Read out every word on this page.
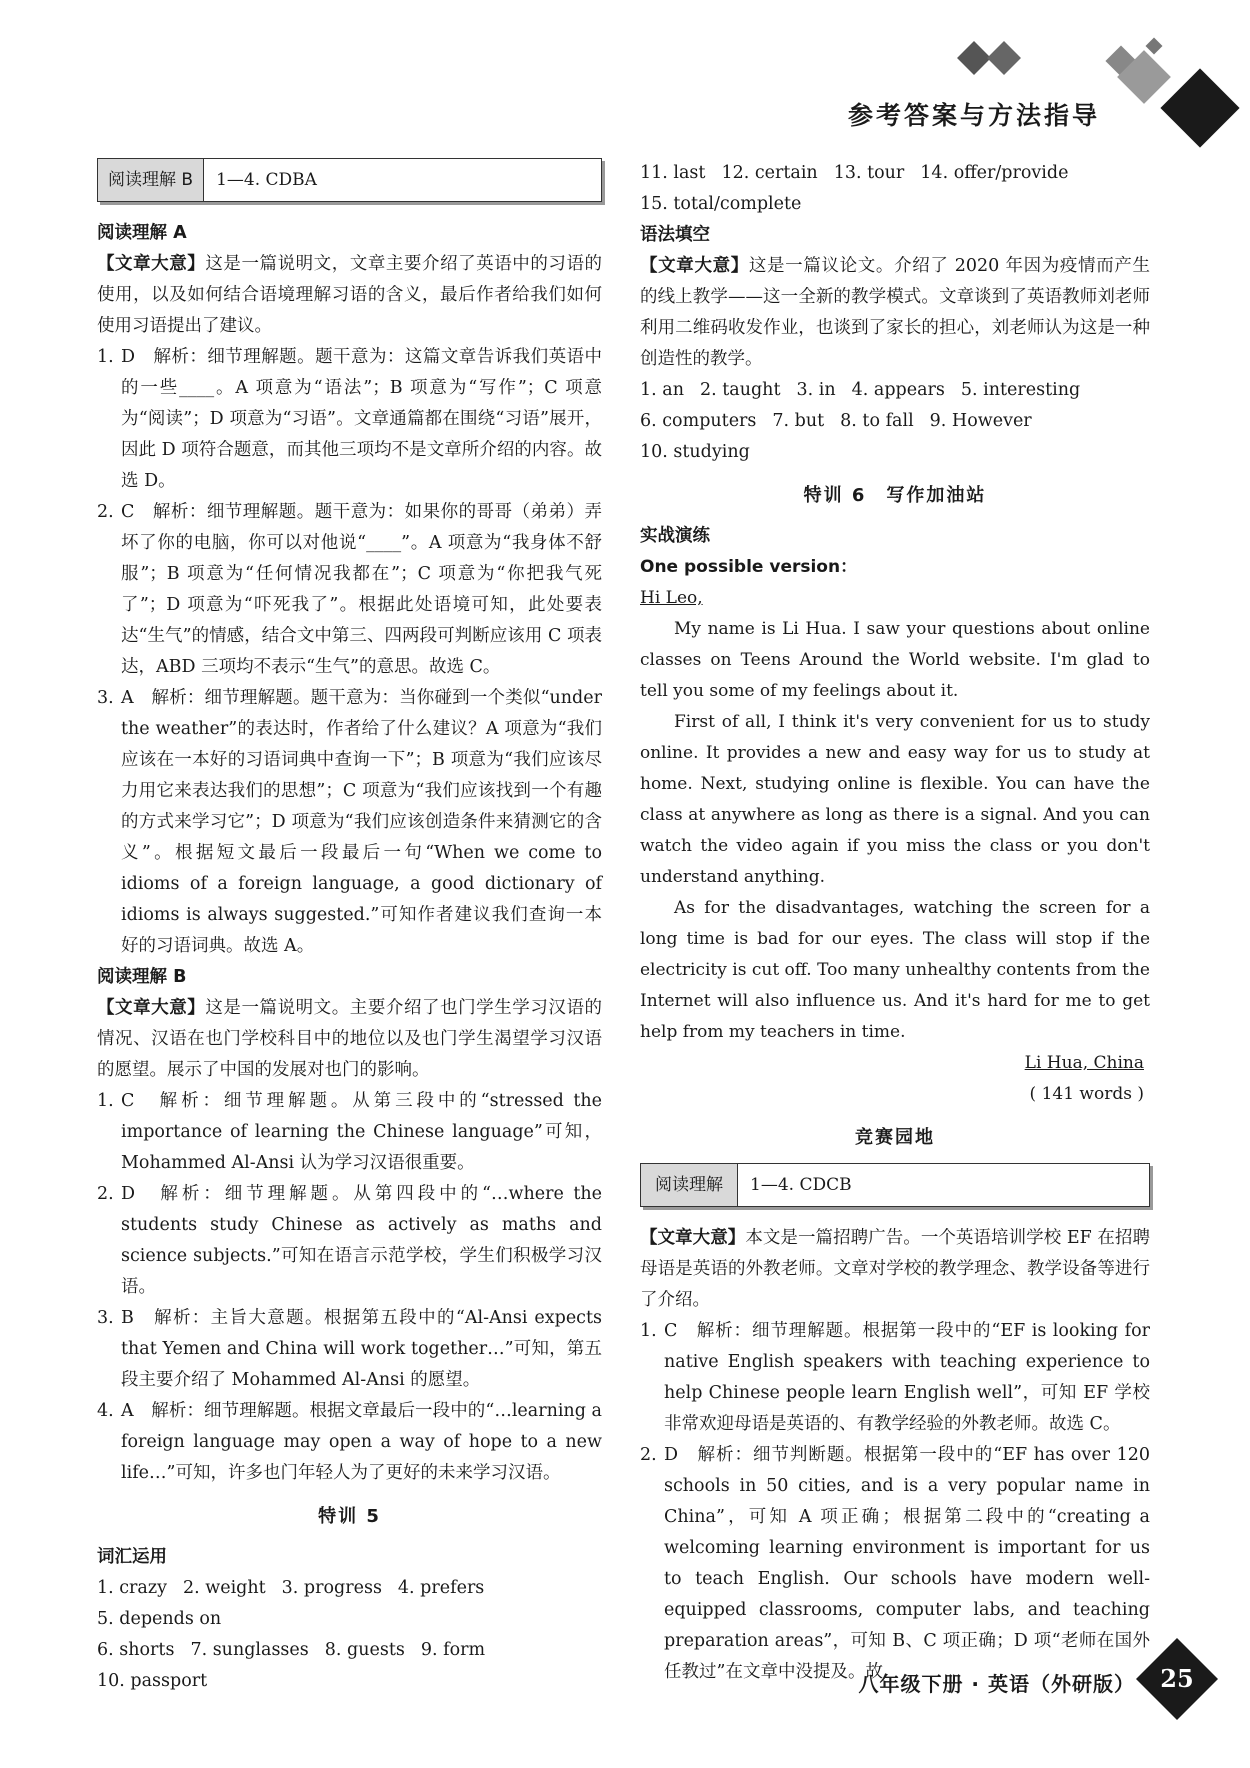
参考答案与方法指导
阅读理解 B	1—4. CDBA
阅读理解 A

【文章大意】这是一篇说明文，文章主要介绍了英语中的习语的使用，以及如何结合语境理解习语的含义，最后作者给我们如何使用习语提出了建议。

1. D　解析：细节理解题。题干意为：这篇文章告诉我们英语中的一些____。A 项意为“语法”；B 项意为“写作”；C 项意为“阅读”；D 项意为“习语”。文章通篇都在围绕“习语”展开，因此 D 项符合题意，而其他三项均不是文章所介绍的内容。故选 D。
2. C　解析：细节理解题。题干意为：如果你的哥哥（弟弟）弄坏了你的电脑，你可以对他说“____”。A 项意为“我身体不舒服”；B 项意为“任何情况我都在”；C 项意为“你把我气死了”；D 项意为“吓死我了”。根据此处语境可知，此处要表达“生气”的情感，结合文中第三、四两段可判断应该用 C 项表达，ABD 三项均不表示“生气”的意思。故选 C。
3. A　解析：细节理解题。题干意为：当你碰到一个类似“under the weather”的表达时，作者给了什么建议？A 项意为“我们应该在一本好的习语词典中查询一下”；B 项意为“我们应该尽力用它来表达我们的思想”；C 项意为“我们应该找到一个有趣的方式来学习它”；D 项意为“我们应该创造条件来猜测它的含义”。根据短文最后一段最后一句“When we come to idioms of a foreign language, a good dictionary of idioms is always suggested.”可知作者建议我们查询一本好的习语词典。故选 A。
阅读理解 B

【文章大意】这是一篇说明文。主要介绍了也门学生学习汉语的情况、汉语在也门学校科目中的地位以及也门学生渴望学习汉语的愿望。展示了中国的发展对也门的影响。

1. C　解析：细节理解题。从第三段中的“stressed the importance of learning the Chinese language”可知，Mohammed Al-Ansi 认为学习汉语很重要。
2. D　解析：细节理解题。从第四段中的“…where the students study Chinese as actively as maths and science subjects.”可知在语言示范学校，学生们积极学习汉语。
3. B　解析：主旨大意题。根据第五段中的“Al-Ansi expects that Yemen and China will work together…”可知，第五段主要介绍了 Mohammed Al-Ansi 的愿望。
4. A　解析：细节理解题。根据文章最后一段中的“…learning a foreign language may open a way of hope to a new life…”可知，许多也门年轻人为了更好的未来学习汉语。
特训 5
词汇运用
1. crazy 2. weight 3. progress 4. prefers
5. depends on
6. shorts 7. sunglasses 8. guests 9. form
10. passport
11. last 12. certain 13. tour 14. offer/provide
15. total/complete
语法填空

【文章大意】这是一篇议论文。介绍了 2020 年因为疫情而产生的线上教学——这一全新的教学模式。文章谈到了英语教师刘老师利用二维码收发作业，也谈到了家长的担心，刘老师认为这是一种创造性的教学。

1. an 2. taught 3. in 4. appears 5. interesting
6. computers 7. but 8. to fall 9. However
10. studying
特训 6　写作加油站
实战演练
One possible version：
Hi Leo,

My name is Li Hua. I saw your questions about online classes on Teens Around the World website. I'm glad to tell you some of my feelings about it.

First of all, I think it's very convenient for us to study online. It provides a new and easy way for us to study at home. Next, studying online is flexible. You can have the class at anywhere as long as there is a signal. And you can watch the video again if you miss the class or you don't understand anything.

As for the disadvantages, watching the screen for a long time is bad for our eyes. The class will stop if the electricity is cut off. Too many unhealthy contents from the Internet will also influence us. And it's hard for me to get help from my teachers in time.

Li Hua, China
( 141 words )
竞赛园地
阅读理解	1—4. CDCB

【文章大意】本文是一篇招聘广告。一个英语培训学校 EF 在招聘母语是英语的外教老师。文章对学校的教学理念、教学设备等进行了介绍。

1. C　解析：细节理解题。根据第一段中的“EF is looking for native English speakers with teaching experience to help Chinese people learn English well”，可知 EF 学校非常欢迎母语是英语的、有教学经验的外教老师。故选 C。
2. D　解析：细节判断题。根据第一段中的“EF has over 120 schools in 50 cities, and is a very popular name in China”，可知 A 项正确；根据第二段中的“creating a welcoming learning environment is important for us to teach English. Our schools have modern well-equipped classrooms, computer labs, and teaching preparation areas”，可知 B、C 项正确；D 项“老师在国外任教过”在文章中没提及。故
八年级下册 · 英语（外研版）	25
